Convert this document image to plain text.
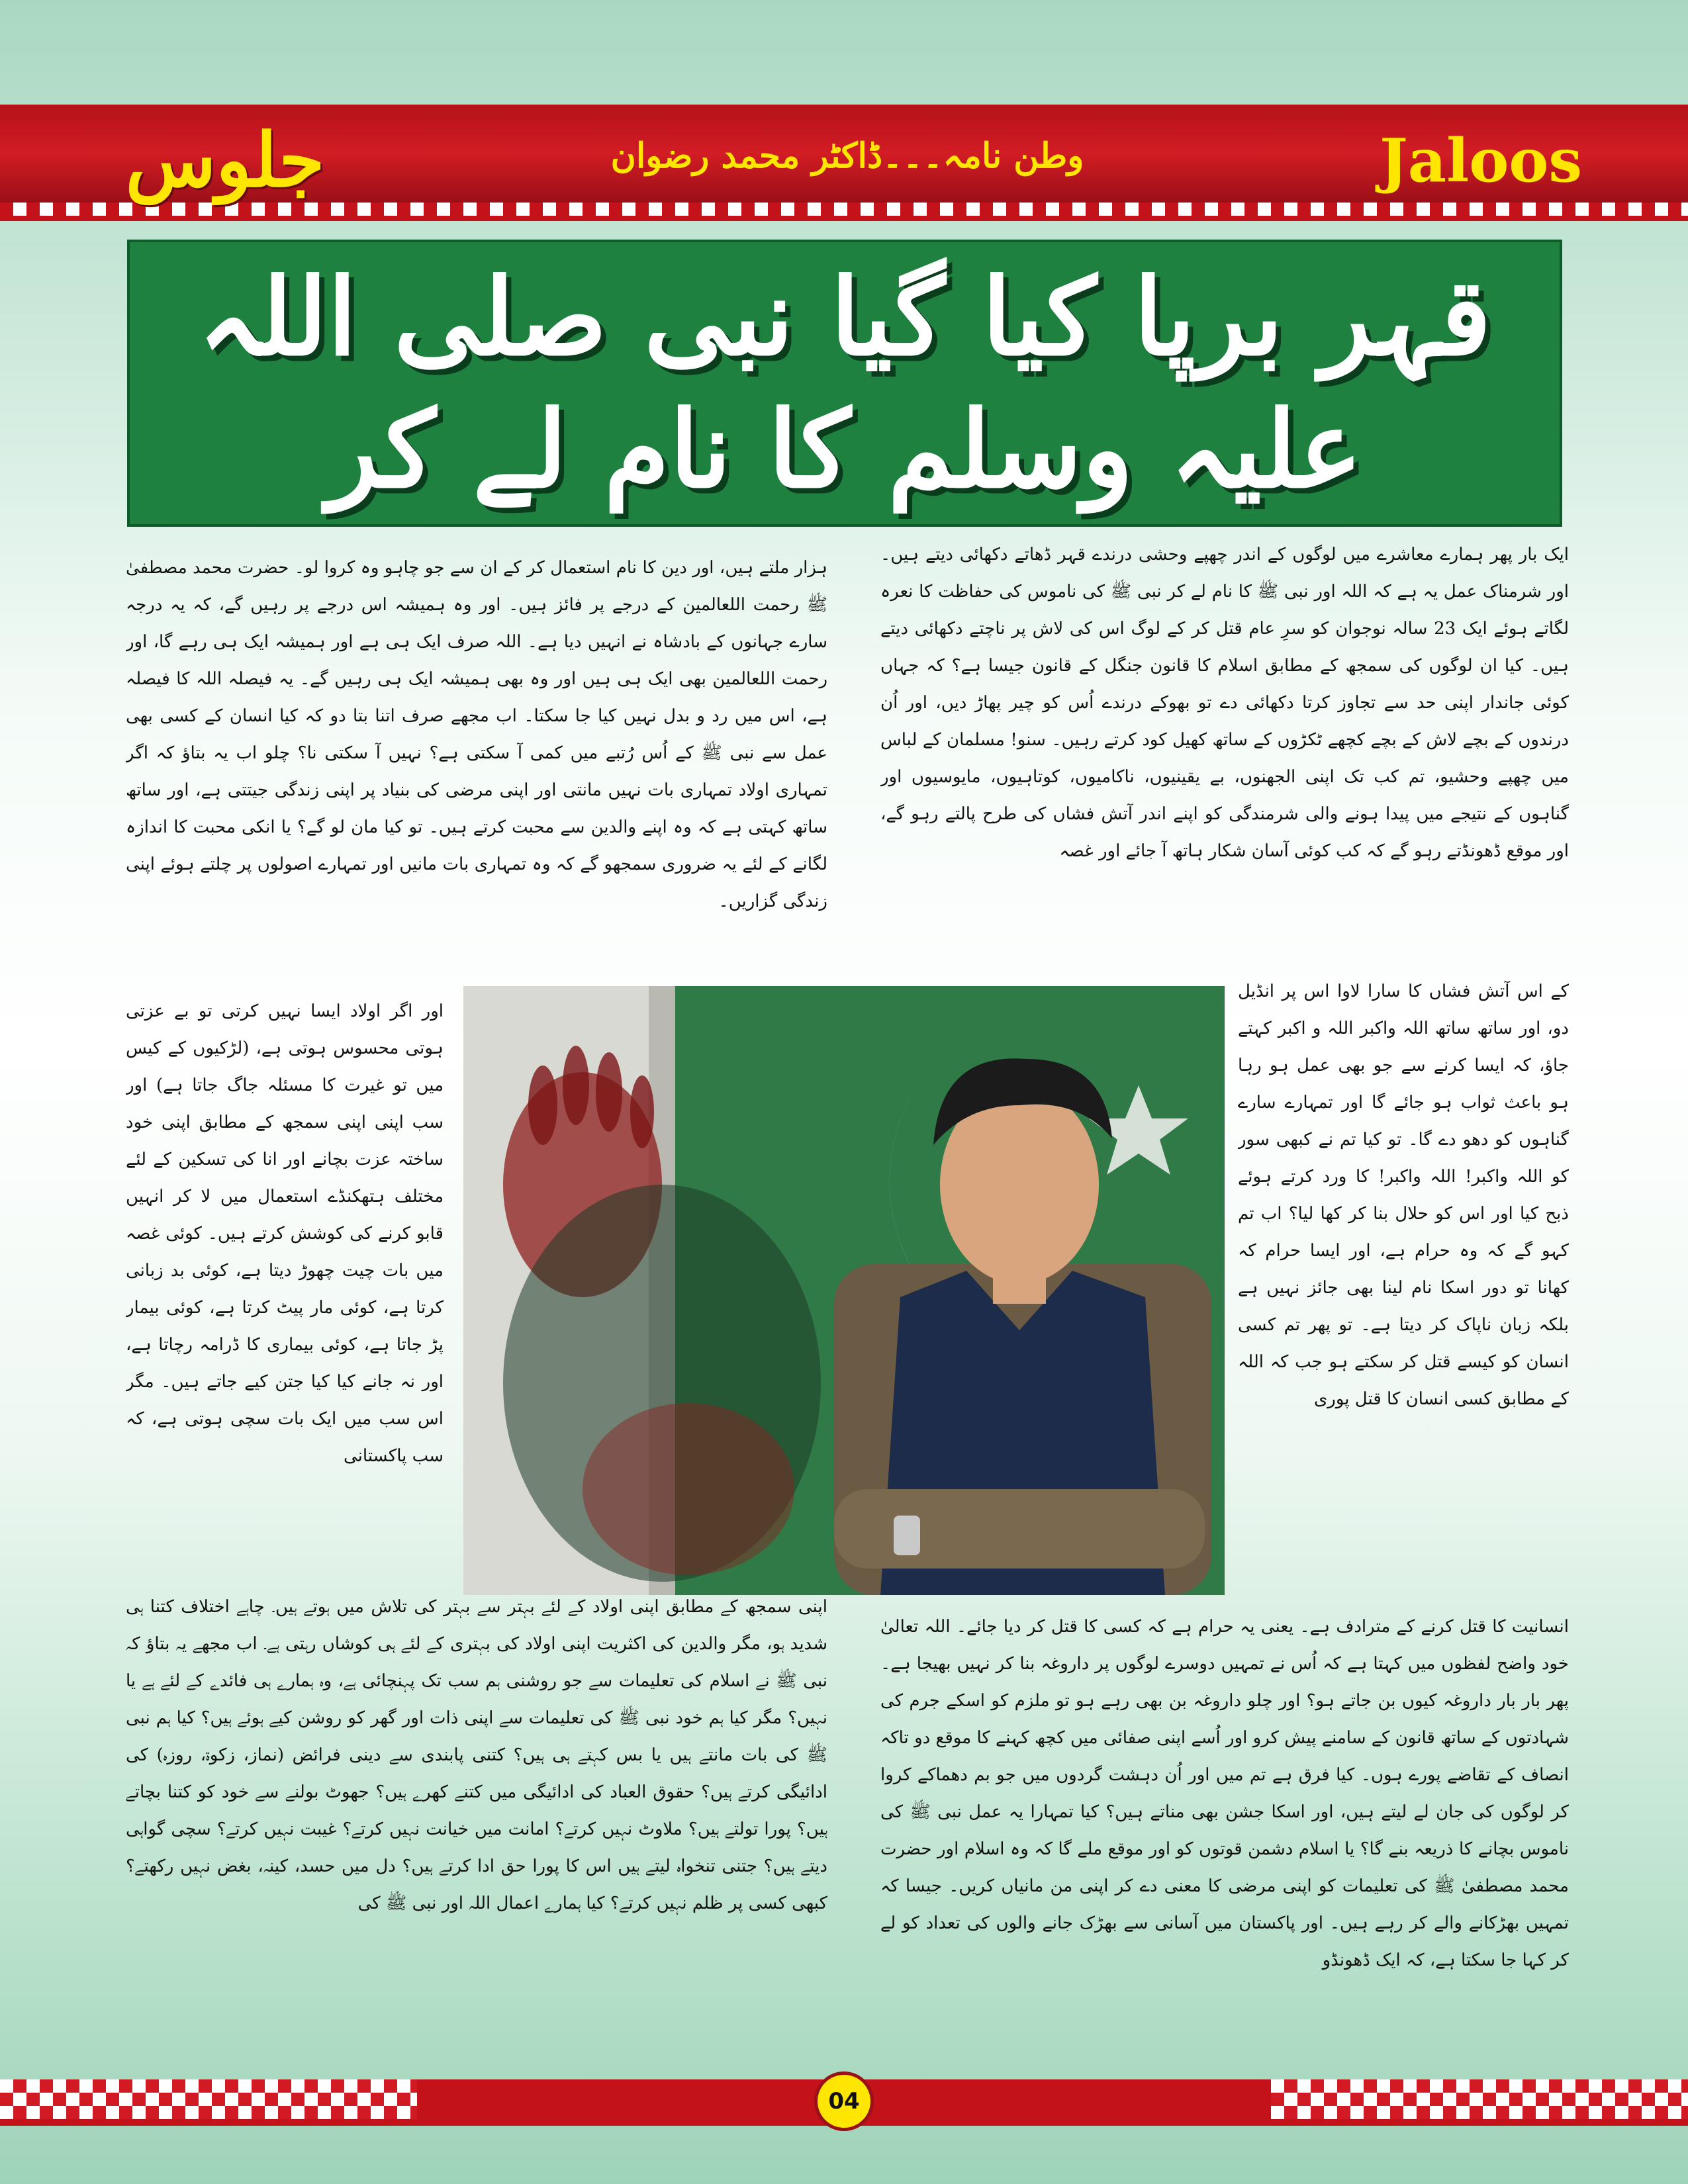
جلوس	وطن نامہ۔۔۔ڈاکٹر محمد رضوان	Jaloos
قہر برپا کیا گیا نبی صلی اللہ علیہ وسلم کا نام لے کر

ایک بار پھر ہمارے معاشرے میں لوگوں کے اندر چھپے وحشی درندے قہر ڈھاتے دکھائی دیتے ہیں۔ اور شرمناک عمل یہ ہے کہ اللہ اور نبی ﷺ کا نام لے کر نبی ﷺ کی ناموس کی حفاظت کا نعرہ لگاتے ہوئے ایک 23 سالہ نوجوان کو سرِ عام قتل کر کے لوگ اس کی لاش پر ناچتے دکھائی دیتے ہیں۔ کیا ان لوگوں کی سمجھ کے مطابق اسلام کا قانون جنگل کے قانون جیسا ہے؟ کہ جہاں کوئی جاندار اپنی حد سے تجاوز کرتا دکھائی دے تو بھوکے درندے اُس کو چیر پھاڑ دیں، اور اُن درندوں کے بچے لاش کے بچے کچھے ٹکڑوں کے ساتھ کھیل کود کرتے رہیں۔ سنو! مسلمان کے لباس میں چھپے وحشیو، تم کب تک اپنی الجھنوں، بے یقینیوں، ناکامیوں، کوتاہیوں، مایوسیوں اور گناہوں کے نتیجے میں پیدا ہونے والی شرمندگی کو اپنے اندر آتش فشاں کی طرح پالتے رہو گے، اور موقع ڈھونڈتے رہو گے کہ کب کوئی آسان شکار ہاتھ آ جائے اور غصہ

کے اس آتش فشاں کا سارا لاوا اس پر انڈیل دو، اور ساتھ ساتھ اللہ واکبر اللہ و اکبر کہتے جاؤ، کہ ایسا کرنے سے جو بھی عمل ہو رہا ہو باعث ثواب ہو جائے گا اور تمہارے سارے گناہوں کو دھو دے گا۔ تو کیا تم نے کبھی سور کو اللہ واکبر! اللہ واکبر! کا ورد کرتے ہوئے ذبح کیا اور اس کو حلال بنا کر کھا لیا؟ اب تم کہو گے کہ وہ حرام ہے، اور ایسا حرام کہ کھانا تو دور اسکا نام لینا بھی جائز نہیں ہے بلکہ زبان ناپاک کر دیتا ہے۔ تو پھر تم کسی انسان کو کیسے قتل کر سکتے ہو جب کہ اللہ کے مطابق کسی انسان کا قتل پوری

انسانیت کا قتل کرنے کے مترادف ہے۔ یعنی یہ حرام ہے کہ کسی کا قتل کر دیا جائے۔ اللہ تعالیٰ خود واضح لفظوں میں کہتا ہے کہ اُس نے تمہیں دوسرے لوگوں پر داروغہ بنا کر نہیں بھیجا ہے۔ پھر بار بار داروغہ کیوں بن جاتے ہو؟ اور چلو داروغہ بن بھی رہے ہو تو ملزم کو اسکے جرم کی شہادتوں کے ساتھ قانون کے سامنے پیش کرو اور اُسے اپنی صفائی میں کچھ کہنے کا موقع دو تاکہ انصاف کے تقاضے پورے ہوں۔ کیا فرق ہے تم میں اور اُن دہشت گردوں میں جو بم دھماکے کروا کر لوگوں کی جان لے لیتے ہیں، اور اسکا جشن بھی مناتے ہیں؟ کیا تمہارا یہ عمل نبی ﷺ کی ناموس بچانے کا ذریعہ بنے گا؟ یا اسلام دشمن قوتوں کو اور موقع ملے گا کہ وہ اسلام اور حضرت محمد مصطفیٰ ﷺ کی تعلیمات کو اپنی مرضی کا معنی دے کر اپنی من مانیاں کریں۔ جیسا کہ تمہیں بھڑکانے والے کر رہے ہیں۔ اور پاکستان میں آسانی سے بھڑک جانے والوں کی تعداد کو لے کر کہا جا سکتا ہے، کہ ایک ڈھونڈو

ہزار ملتے ہیں، اور دین کا نام استعمال کر کے ان سے جو چاہو وہ کروا لو۔ حضرت محمد مصطفیٰ ﷺ رحمت اللعالمین کے درجے پر فائز ہیں۔ اور وہ ہمیشہ اس درجے پر رہیں گے، کہ یہ درجہ سارے جہانوں کے بادشاہ نے انہیں دیا ہے۔ اللہ صرف ایک ہی ہے اور ہمیشہ ایک ہی رہے گا، اور رحمت اللعالمین بھی ایک ہی ہیں اور وہ بھی ہمیشہ ایک ہی رہیں گے۔ یہ فیصلہ اللہ کا فیصلہ ہے، اس میں رد و بدل نہیں کیا جا سکتا۔ اب مجھے صرف اتنا بتا دو کہ کیا انسان کے کسی بھی عمل سے نبی ﷺ کے اُس رُتبے میں کمی آ سکتی ہے؟ نہیں آ سکتی نا؟ چلو اب یہ بتاؤ کہ اگر تمہاری اولاد تمہاری بات نہیں مانتی اور اپنی مرضی کی بنیاد پر اپنی زندگی جیتتی ہے، اور ساتھ ساتھ کہتی ہے کہ وہ اپنے والدین سے محبت کرتے ہیں۔ تو کیا مان لو گے؟ یا انکی محبت کا اندازہ لگانے کے لئے یہ ضروری سمجھو گے کہ وہ تمہاری بات مانیں اور تمہارے اصولوں پر چلتے ہوئے اپنی زندگی گزاریں۔

اور اگر اولاد ایسا نہیں کرتی تو بے عزتی ہوتی محسوس ہوتی ہے، (لڑکیوں کے کیس میں تو غیرت کا مسئلہ جاگ جاتا ہے) اور سب اپنی اپنی سمجھ کے مطابق اپنی خود ساختہ عزت بچانے اور انا کی تسکین کے لئے مختلف ہتھکنڈے استعمال میں لا کر انہیں قابو کرنے کی کوشش کرتے ہیں۔ کوئی غصہ میں بات چیت چھوڑ دیتا ہے، کوئی بد زبانی کرتا ہے، کوئی مار پیٹ کرتا ہے، کوئی بیمار پڑ جاتا ہے، کوئی بیماری کا ڈرامہ رچاتا ہے، اور نہ جانے کیا کیا جتن کیے جاتے ہیں۔ مگر اس سب میں ایک بات سچی ہوتی ہے، کہ سب پاکستانی

اپنی سمجھ کے مطابق اپنی اولاد کے لئے بہتر سے بہتر کی تلاش میں ہوتے ہیں۔ چاہے اختلاف کتنا ہی شدید ہو، مگر والدین کی اکثریت اپنی اولاد کی بہتری کے لئے ہی کوشاں رہتی ہے۔ اب مجھے یہ بتاؤ کہ نبی ﷺ نے اسلام کی تعلیمات سے جو روشنی ہم سب تک پہنچائی ہے، وہ ہمارے ہی فائدے کے لئے ہے یا نہیں؟ مگر کیا ہم خود نبی ﷺ کی تعلیمات سے اپنی ذات اور گھر کو روشن کیے ہوئے ہیں؟ کیا ہم نبی ﷺ کی بات مانتے ہیں یا بس کہتے ہی ہیں؟ کتنی پابندی سے دینی فرائض (نماز، زکوۃ، روزہ) کی ادائیگی کرتے ہیں؟ حقوق العباد کی ادائیگی میں کتنے کھرے ہیں؟ جھوٹ بولنے سے خود کو کتنا بچاتے ہیں؟ پورا تولتے ہیں؟ ملاوٹ نہیں کرتے؟ امانت میں خیانت نہیں کرتے؟ غیبت نہیں کرتے؟ سچی گواہی دیتے ہیں؟ جتنی تنخواہ لیتے ہیں اس کا پورا حق ادا کرتے ہیں؟ دل میں حسد، کینہ، بغض نہیں رکھتے؟ کبھی کسی پر ظلم نہیں کرتے؟ کیا ہمارے اعمال اللہ اور نبی ﷺ کی

04
